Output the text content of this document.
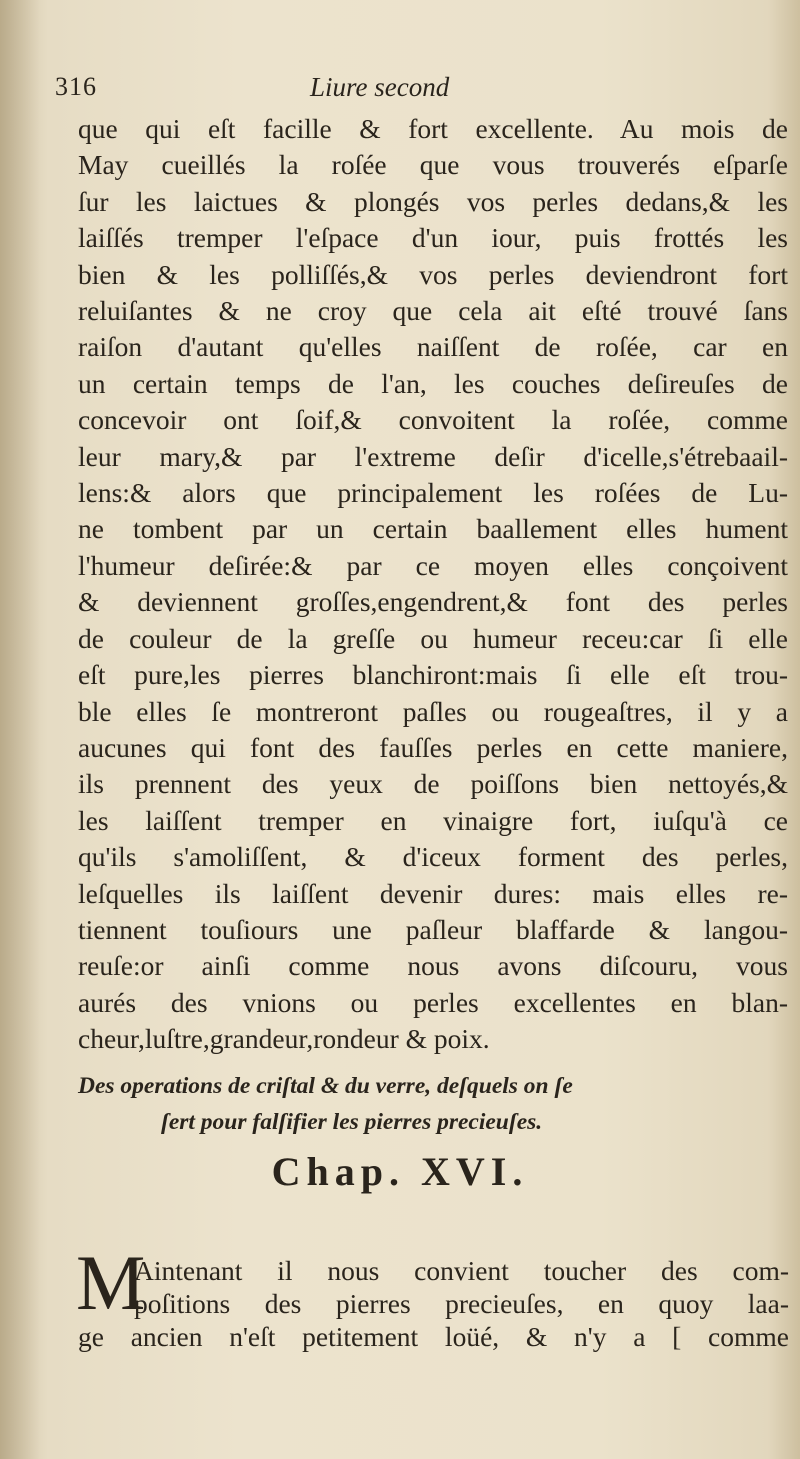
316	Liure second
que qui eſt facille & fort excellente. Au mois de
May cueillés la roſée que vous trouverés eſparſe
ſur les laictues & plongés vos perles dedans,& les
laiſſés tremper l'eſpace d'un iour, puis frottés les
bien & les polliſſés,& vos perles deviendront fort
reluiſantes & ne croy que cela ait eſté trouvé ſans
raiſon d'autant qu'elles naiſſent de roſée, car en
un certain temps de l'an, les couches deſireuſes de
concevoir ont ſoif,& convoitent la roſée, comme
leur mary,& par l'extreme deſir d'icelle,s'étrebaail-
lens:& alors que principalement les roſées de Lu-
ne tombent par un certain baallement elles hument
l'humeur deſirée:& par ce moyen elles conçoivent
& deviennent groſſes,engendrent,& font des perles
de couleur de la greſſe ou humeur receu:car ſi elle
eſt pure,les pierres blanchiront:mais ſi elle eſt trou-
ble elles ſe montreront paſles ou rougeaſtres, il y a
aucunes qui font des fauſſes perles en cette maniere,
ils prennent des yeux de poiſſons bien nettoyés,&
les laiſſent tremper en vinaigre fort, iuſqu'à ce
qu'ils s'amoliſſent, & d'iceux forment des perles,
leſquelles ils laiſſent devenir dures: mais elles re-
tiennent touſiours une paſleur blaffarde & langou-
reuſe:or ainſi comme nous avons diſcouru, vous
aurés des vnions ou perles excellentes en blan-
cheur,luſtre,grandeur,rondeur & poix.
Des operations de criſtal & du verre, deſquels on ſe
ſert pour falſifier les pierres precieuſes.
Chap. XVI.
M
Aintenant il nous convient toucher des com-
poſitions des pierres precieuſes, en quoy laa-
ge ancien n'eſt petitement loüé, & n'y a [ comme
